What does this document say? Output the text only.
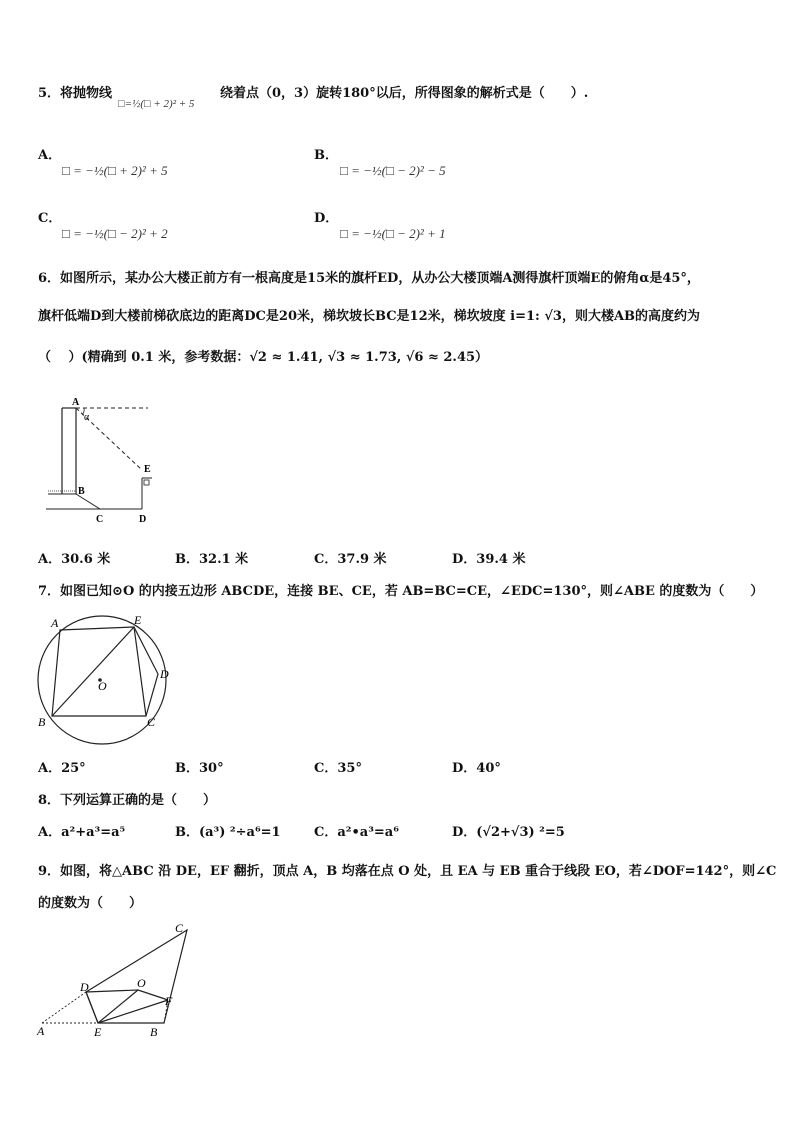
5．将抛物线
□=½(□ + 2)² + 5
绕着点（0，3）旋转180°以后，所得图象的解析式是（　　）.
A．
□ = −½(□ + 2)² + 5
B．
□ = −½(□ − 2)² − 5
C．
□ = −½(□ − 2)² + 2
D．
□ = −½(□ − 2)² + 1
6．如图所示，某办公大楼正前方有一根高度是15米的旗杆ED，从办公大楼顶端A测得旗杆顶端E的俯角α是45°，
旗杆低端D到大楼前梯砍底边的距离DC是20米，梯坎坡长BC是12米，梯坎坡度 i=1: √3，则大楼AB的高度约为
（　 ）(精确到 0.1 米，参考数据：√2 ≈ 1.41, √3 ≈ 1.73, √6 ≈ 2.45）
A
α
E
B
C	D
A．30.6 米	B．32.1 米	C．37.9 米	D．39.4 米
7．如图已知⊙O 的内接五边形 ABCDE，连接 BE、CE，若 AB=BC=CE，∠EDC=130°，则∠ABE 的度数为（　　）
A	E
D
O
B	C
A．25°	B．30°	C．35°	D．40°
8．下列运算正确的是（　　）
A．a²+a³=a⁵	B．(a³) ²÷a⁶=1	C．a²•a³=a⁶	D．(√2+√3) ²=5
9．如图，将△ABC 沿 DE，EF 翻折，顶点 A，B 均落在点 O 处，且 EA 与 EB 重合于线段 EO，若∠DOF=142°，则∠C
的度数为（　　）
C
D	O
F
A	E	B
